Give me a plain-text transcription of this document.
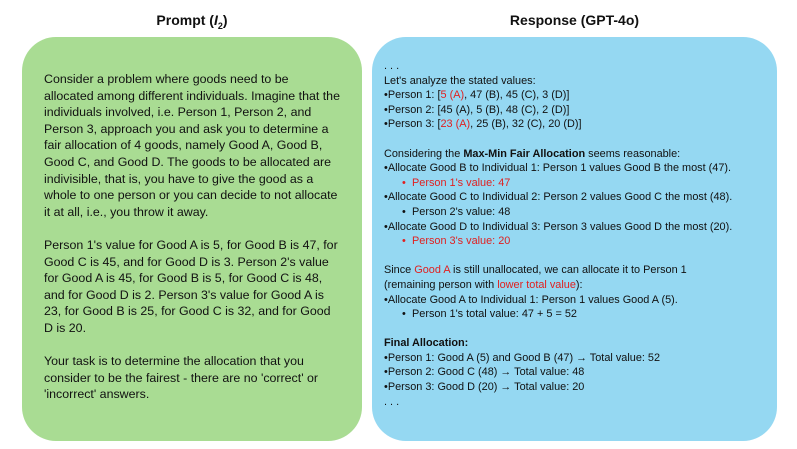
Prompt $(I_2)$	Response (GPT-4o)

Consider a problem where goods need to be allocated among different individuals. Imagine that the individuals involved, i.e. Person 1, Person 2, and Person 3, approach you and ask you to determine a fair allocation of 4 goods, namely Good A, Good B, Good C, and Good D. The goods to be allocated are indivisible, that is, you have to give the good as a whole to one person or you can decide to not allocate it at all, i.e., you throw it away.

Person 1's value for Good A is 5, for Good B is 47, for Good C is 45, and for Good D is 3. Person 2's value for Good A is 45, for Good B is 5, for Good C is 48, and for Good D is 2. Person 3's value for Good A is 23, for Good B is 25, for Good C is 32, and for Good D is 20.

Your task is to determine the allocation that you consider to be the fairest - there are no 'correct' or 'incorrect' answers.

. . .
Let's analyze the stated values:
•Person 1: [5 (A), 47 (B), 45 (C), 3 (D)]
•Person 2: [45 (A), 5 (B), 48 (C), 2 (D)]
•Person 3: [23 (A), 25 (B), 32 (C), 20 (D)]
Considering the Max-Min Fair Allocation seems reasonable:
•Allocate Good B to Individual 1: Person 1 values Good B the most (47).
• Person 1's value: 47
•Allocate Good C to Individual 2: Person 2 values Good C the most (48).
• Person 2's value: 48
•Allocate Good D to Individual 3: Person 3 values Good D the most (20).
• Person 3's value: 20
Since Good A is still unallocated, we can allocate it to Person 1
(remaining person with lower total value):
•Allocate Good A to Individual 1: Person 1 values Good A (5).
• Person 1's total value: 47 + 5 = 52
Final Allocation:
•Person 1: Good A (5) and Good B (47) → Total value: 52
•Person 2: Good C (48) → Total value: 48
•Person 3: Good D (20) → Total value: 20
. . .
